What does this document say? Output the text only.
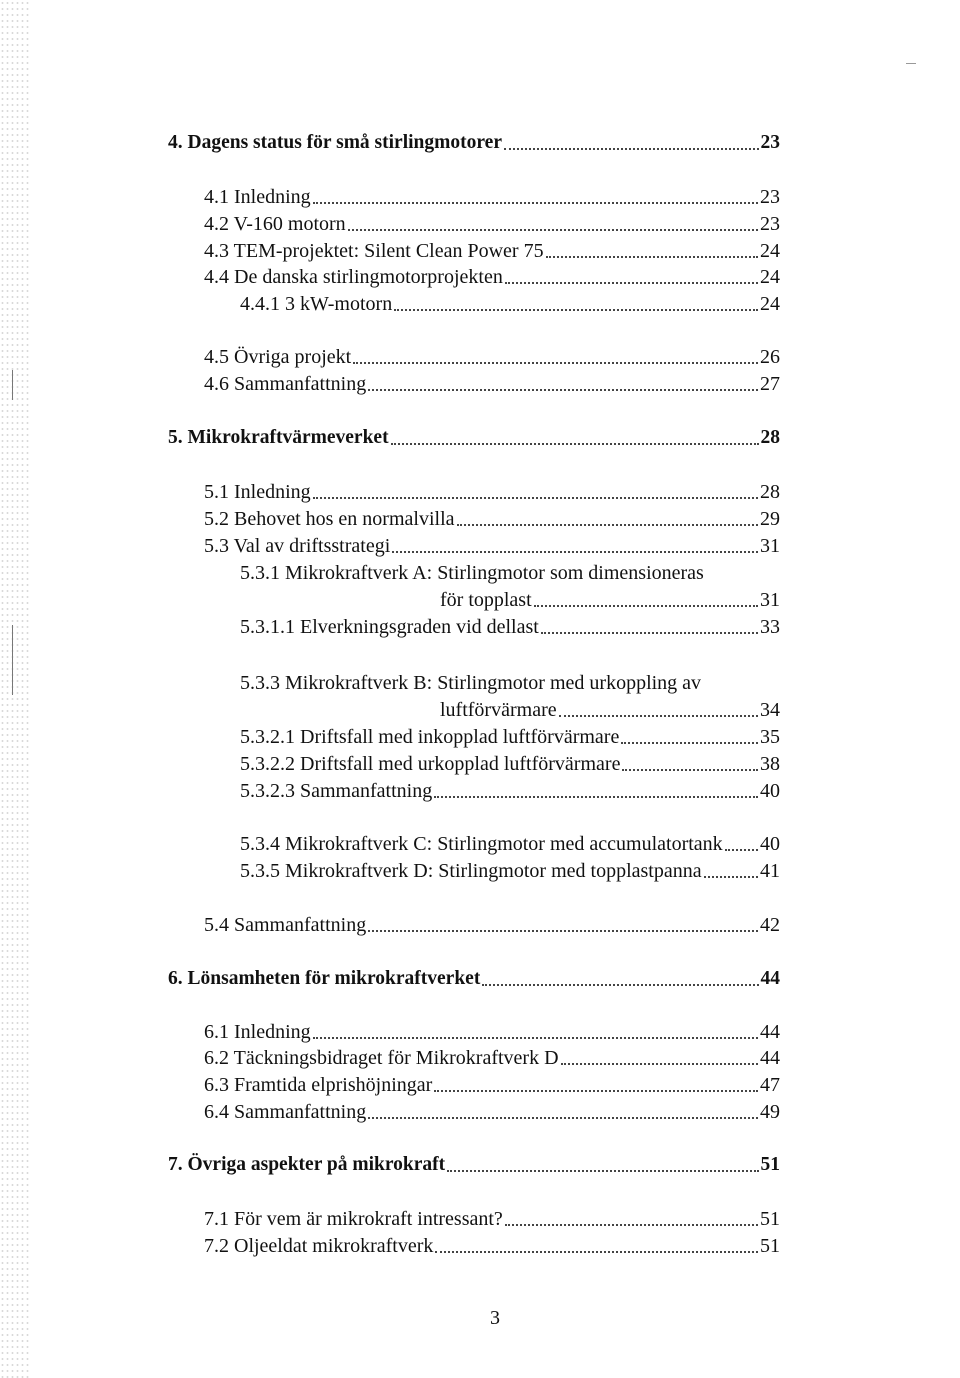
4. Dagens status för små stirlingmotorer	23
4.1 Inledning	23
4.2 V-160 motorn	23
4.3 TEM-projektet: Silent Clean Power 75	24
4.4 De danska stirlingmotorprojekten	24
4.4.1 3 kW-motorn	24
4.5 Övriga projekt	26
4.6 Sammanfattning	27
5. Mikrokraftvärmeverket	28
5.1 Inledning	28
5.2 Behovet hos en normalvilla	29
5.3 Val av driftsstrategi	31
5.3.1 Mikrokraftverk A: Stirlingmotor som dimensioneras
för topplast	31
5.3.1.1 Elverkningsgraden vid dellast	33
5.3.3 Mikrokraftverk B: Stirlingmotor med urkoppling av
luftförvärmare	34
5.3.2.1 Driftsfall med inkopplad luftförvärmare	35
5.3.2.2 Driftsfall med urkopplad luftförvärmare	38
5.3.2.3 Sammanfattning	40
5.3.4 Mikrokraftverk C: Stirlingmotor med accumulatortank 40
5.3.5 Mikrokraftverk D: Stirlingmotor med topplastpanna	41
5.4 Sammanfattning	42
6. Lönsamheten för mikrokraftverket	44
6.1 Inledning	44
6.2 Täckningsbidraget för Mikrokraftverk D	44
6.3 Framtida elprishöjningar	47
6.4 Sammanfattning	49
7. Övriga aspekter på mikrokraft	51
7.1 För vem är mikrokraft intressant?	51
7.2 Oljeeldat mikrokraftverk	51
3
